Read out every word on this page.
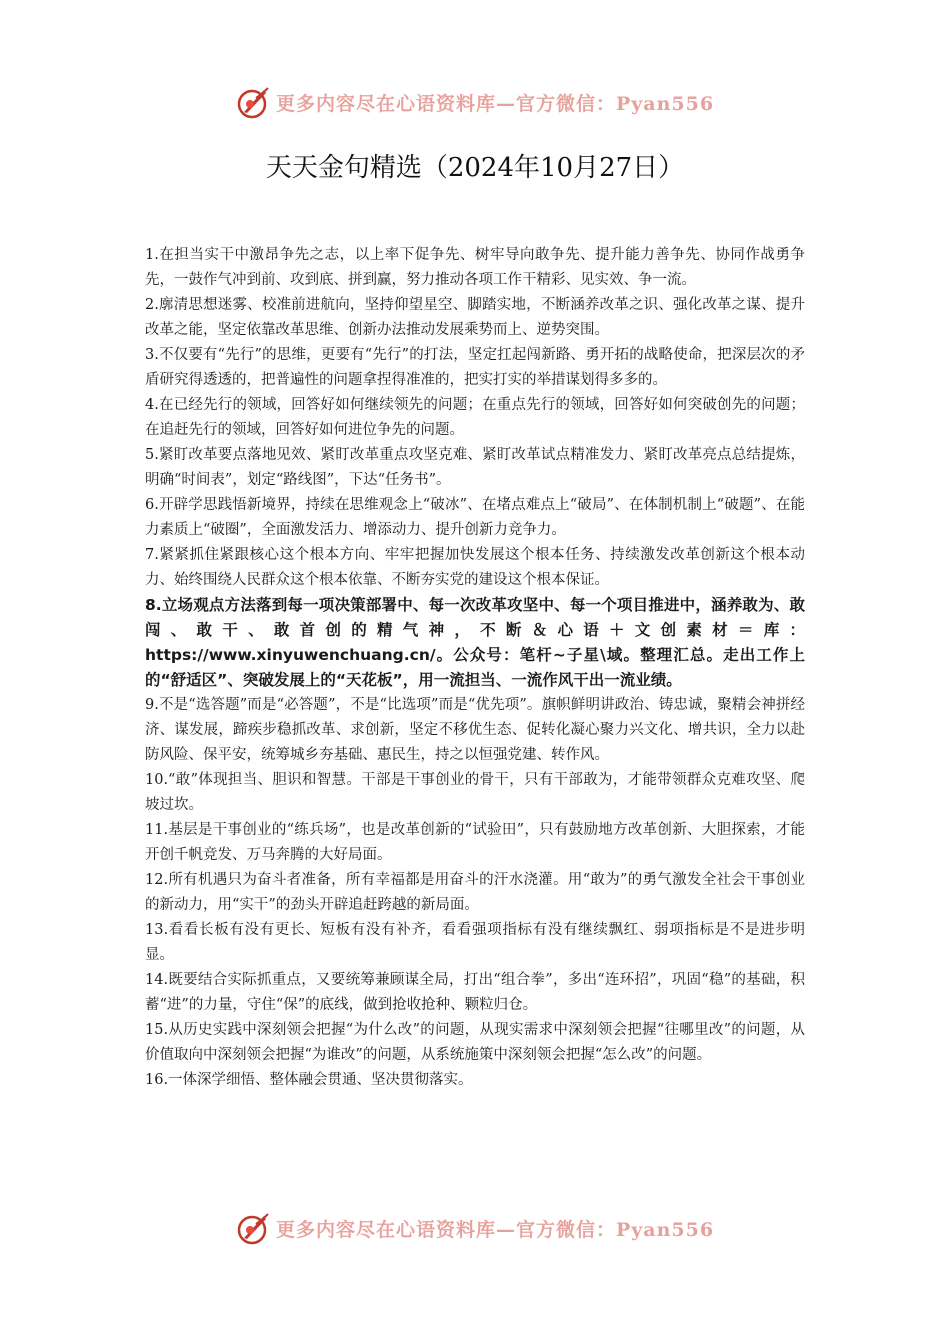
更多内容尽在心语资料库—官方微信：Pyan556
天天金句精选（2024年10月27日）

1.在担当实干中激昂争先之志，以上率下促争先、树牢导向敢争先、提升能力善争先、协同作战勇争先，一鼓作气冲到前、攻到底、拼到赢，努力推动各项工作干精彩、见实效、争一流。

2.廓清思想迷雾、校准前进航向，坚持仰望星空、脚踏实地，不断涵养改革之识、强化改革之谋、提升改革之能，坚定依靠改革思维、创新办法推动发展乘势而上、逆势突围。

3.不仅要有“先行”的思维，更要有“先行”的打法，坚定扛起闯新路、勇开拓的战略使命，把深层次的矛盾研究得透透的，把普遍性的问题拿捏得准准的，把实打实的举措谋划得多多的。

4.在已经先行的领域，回答好如何继续领先的问题；在重点先行的领域，回答好如何突破创先的问题；在追赶先行的领域，回答好如何进位争先的问题。

5.紧盯改革要点落地见效、紧盯改革重点攻坚克难、紧盯改革试点精准发力、紧盯改革亮点总结提炼，明确“时间表”，划定“路线图”，下达“任务书”。

6.开辟学思践悟新境界，持续在思维观念上“破冰”、在堵点难点上“破局”、在体制机制上“破题”、在能力素质上“破圈”，全面激发活力、增添动力、提升创新力竞争力。

7.紧紧抓住紧跟核心这个根本方向、牢牢把握加快发展这个根本任务、持续激发改革创新这个根本动力、始终围绕人民群众这个根本依靠、不断夯实党的建设这个根本保证。

8.立场观点方法落到每一项决策部署中、每一次改革攻坚中、每一个项目推进中，涵养敢为、敢闯、敢干、敢首创的精气神，不断＆心语＋文创素材＝库：https://www.xinyuwenchuang.cn/。公众号：笔杆~子星\域。整理汇总。走出工作上的“舒适区”、突破发展上的“天花板”，用一流担当、一流作风干出一流业绩。

9.不是“选答题”而是“必答题”，不是“比选项”而是“优先项”。旗帜鲜明讲政治、铸忠诚，聚精会神拼经济、谋发展，蹄疾步稳抓改革、求创新，坚定不移优生态、促转化凝心聚力兴文化、增共识，全力以赴防风险、保平安，统筹城乡夯基础、惠民生，持之以恒强党建、转作风。

10.“敢”体现担当、胆识和智慧。干部是干事创业的骨干，只有干部敢为，才能带领群众克难攻坚、爬坡过坎。

11.基层是干事创业的“练兵场”，也是改革创新的“试验田”，只有鼓励地方改革创新、大胆探索，才能开创千帆竞发、万马奔腾的大好局面。

12.所有机遇只为奋斗者准备，所有幸福都是用奋斗的汗水浇灌。用“敢为”的勇气激发全社会干事创业的新动力，用“实干”的劲头开辟追赶跨越的新局面。

13.看看长板有没有更长、短板有没有补齐，看看强项指标有没有继续飘红、弱项指标是不是进步明显。

14.既要结合实际抓重点，又要统筹兼顾谋全局，打出“组合拳”，多出“连环招”，巩固“稳”的基础，积蓄“进”的力量，守住“保”的底线，做到抢收抢种、颗粒归仓。

15.从历史实践中深刻领会把握“为什么改”的问题，从现实需求中深刻领会把握“往哪里改”的问题，从价值取向中深刻领会把握“为谁改”的问题，从系统施策中深刻领会把握“怎么改”的问题。

16.一体深学细悟、整体融会贯通、坚决贯彻落实。

更多内容尽在心语资料库—官方微信：Pyan556
